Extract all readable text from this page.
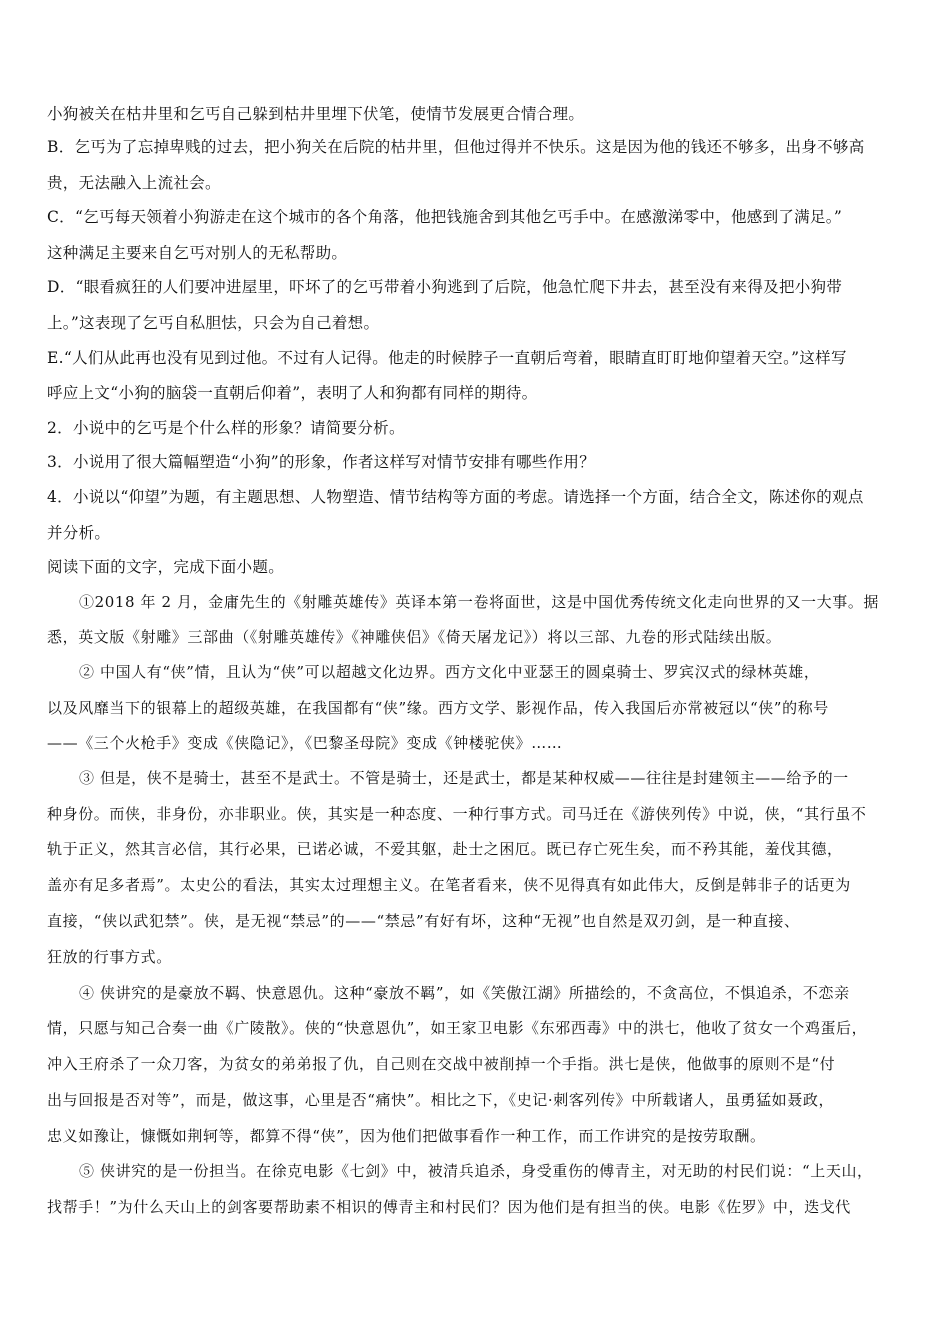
小狗被关在枯井里和乞丐自己躲到枯井里埋下伏笔，使情节发展更合情合理。
B．乞丐为了忘掉卑贱的过去，把小狗关在后院的枯井里，但他过得并不快乐。这是因为他的钱还不够多，出身不够高
贵，无法融入上流社会。
C．“乞丐每天领着小狗游走在这个城市的各个角落，他把钱施舍到其他乞丐手中。在感激涕零中，他感到了满足。”
这种满足主要来自乞丐对别人的无私帮助。
D．“眼看疯狂的人们要冲进屋里，吓坏了的乞丐带着小狗逃到了后院，他急忙爬下井去，甚至没有来得及把小狗带
上。”这表现了乞丐自私胆怯，只会为自己着想。
E.“人们从此再也没有见到过他。不过有人记得。他走的时候脖子一直朝后弯着，眼睛直盯盯地仰望着天空。”这样写
呼应上文“小狗的脑袋一直朝后仰着”，表明了人和狗都有同样的期待。
2．小说中的乞丐是个什么样的形象？请简要分析。
3．小说用了很大篇幅塑造“小狗”的形象，作者这样写对情节安排有哪些作用？
4．小说以“仰望”为题，有主题思想、人物塑造、情节结构等方面的考虑。请选择一个方面，结合全文，陈述你的观点
并分析。
阅读下面的文字，完成下面小题。
①2018 年 2 月，金庸先生的《射雕英雄传》英译本第一卷将面世，这是中国优秀传统文化走向世界的又一大事。据
悉，英文版《射雕》三部曲（《射雕英雄传》《神雕侠侣》《倚天屠龙记》）将以三部、九卷的形式陆续出版。
② 中国人有“侠”情，且认为“侠”可以超越文化边界。西方文化中亚瑟王的圆桌骑士、罗宾汉式的绿林英雄，
以及风靡当下的银幕上的超级英雄，在我国都有“侠”缘。西方文学、影视作品，传入我国后亦常被冠以“侠”的称号
——《三个火枪手》变成《侠隐记》，《巴黎圣母院》变成《钟楼驼侠》……
③ 但是，侠不是骑士，甚至不是武士。不管是骑士，还是武士，都是某种权威——往往是封建领主——给予的一
种身份。而侠，非身份，亦非职业。侠，其实是一种态度、一种行事方式。司马迁在《游侠列传》中说，侠，“其行虽不
轨于正义，然其言必信，其行必果，已诺必诚，不爱其躯，赴士之困厄。既已存亡死生矣，而不矜其能，羞伐其德，
盖亦有足多者焉”。太史公的看法，其实太过理想主义。在笔者看来，侠不见得真有如此伟大，反倒是韩非子的话更为
直接，“侠以武犯禁”。侠，是无视“禁忌”的——“禁忌”有好有坏，这种“无视”也自然是双刃剑，是一种直接、
狂放的行事方式。
④ 侠讲究的是豪放不羁、快意恩仇。这种“豪放不羁”，如《笑傲江湖》所描绘的，不贪高位，不惧追杀，不恋亲
情，只愿与知己合奏一曲《广陵散》。侠的“快意恩仇”，如王家卫电影《东邪西毒》中的洪七，他收了贫女一个鸡蛋后，
冲入王府杀了一众刀客，为贫女的弟弟报了仇，自己则在交战中被削掉一个手指。洪七是侠，他做事的原则不是“付
出与回报是否对等”，而是，做这事，心里是否“痛快”。相比之下，《史记·刺客列传》中所载诸人，虽勇猛如聂政，
忠义如豫让，慷慨如荆轲等，都算不得“侠”，因为他们把做事看作一种工作，而工作讲究的是按劳取酬。
⑤ 侠讲究的是一份担当。在徐克电影《七剑》中，被清兵追杀，身受重伤的傅青主，对无助的村民们说：“上天山，
找帮手！”为什么天山上的剑客要帮助素不相识的傅青主和村民们？因为他们是有担当的侠。电影《佐罗》中，迭戈代
